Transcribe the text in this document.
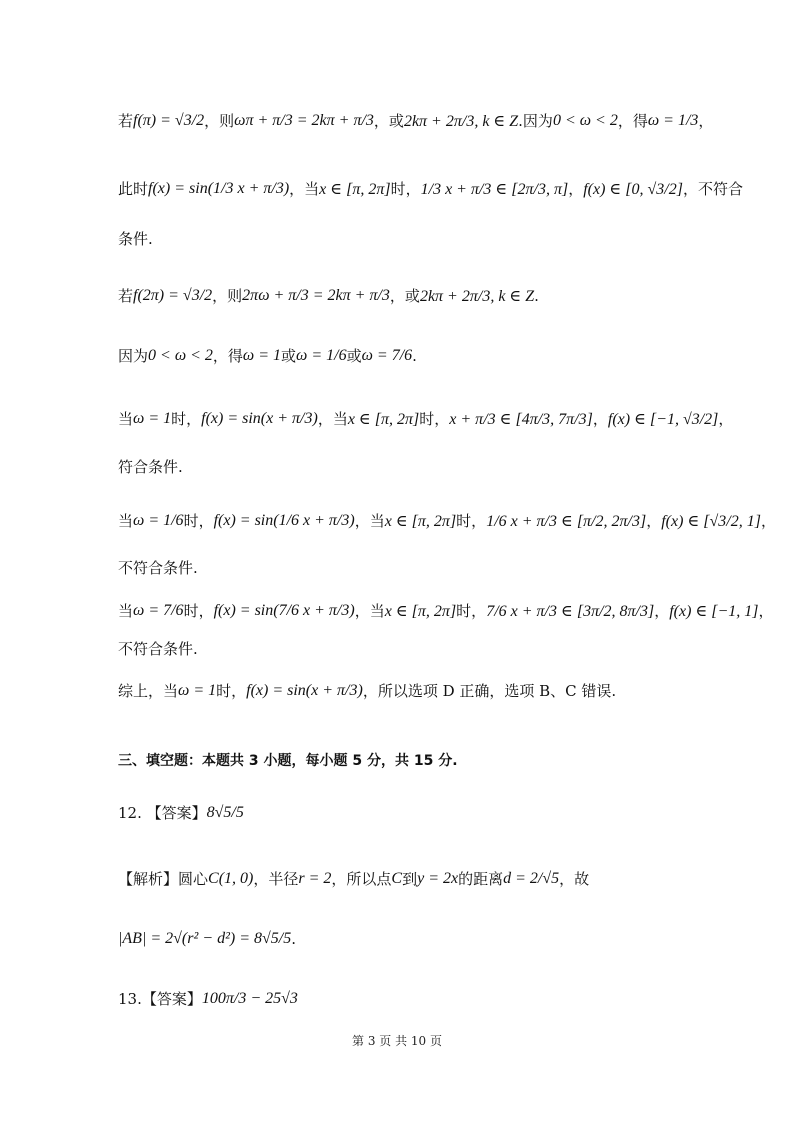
若 f(π) = √3/2 ，则 ωπ + π/3 = 2kπ + π/3 ，或 2kπ + 2π/3, k ∈ Z .因为 0 < ω < 2 ，得 ω = 1/3 ，
此时 f(x) = sin(1/3 x + π/3) ，当 x ∈ [π, 2π] 时， 1/3 x + π/3 ∈ [2π/3, π] ， f(x) ∈ [0, √3/2] ，不符合
条件.
若 f(2π) = √3/2 ，则 2πω + π/3 = 2kπ + π/3 ，或 2kπ + 2π/3, k ∈ Z .
因为 0 < ω < 2 ，得 ω = 1 或 ω = 1/6 或 ω = 7/6 .
当 ω = 1 时， f(x) = sin(x + π/3) ，当 x ∈ [π, 2π] 时， x + π/3 ∈ [4π/3, 7π/3] ， f(x) ∈ [−1, √3/2] ，
符合条件.
当 ω = 1/6 时， f(x) = sin(1/6 x + π/3) ，当 x ∈ [π, 2π] 时， 1/6 x + π/3 ∈ [π/2, 2π/3] ， f(x) ∈ [√3/2, 1] ，
不符合条件.
当 ω = 7/6 时， f(x) = sin(7/6 x + π/3) ，当 x ∈ [π, 2π] 时， 7/6 x + π/3 ∈ [3π/2, 8π/3] ， f(x) ∈ [−1, 1] ，
不符合条件.
综上，当 ω = 1 时， f(x) = sin(x + π/3) ，所以选项 D 正确，选项 B、C 错误.
三、填空题：本题共 3 小题，每小题 5 分，共 15 分.
12. 【答案】 8√5/5
【解析】圆心 C(1, 0) ，半径 r = 2 ，所以点 C 到 y = 2x 的距离 d = 2/√5 ，故
|AB| = 2√(r² − d²) = 8√5/5 .
13.【答案】 100π/3 − 25√3
第 3 页 共 10 页
